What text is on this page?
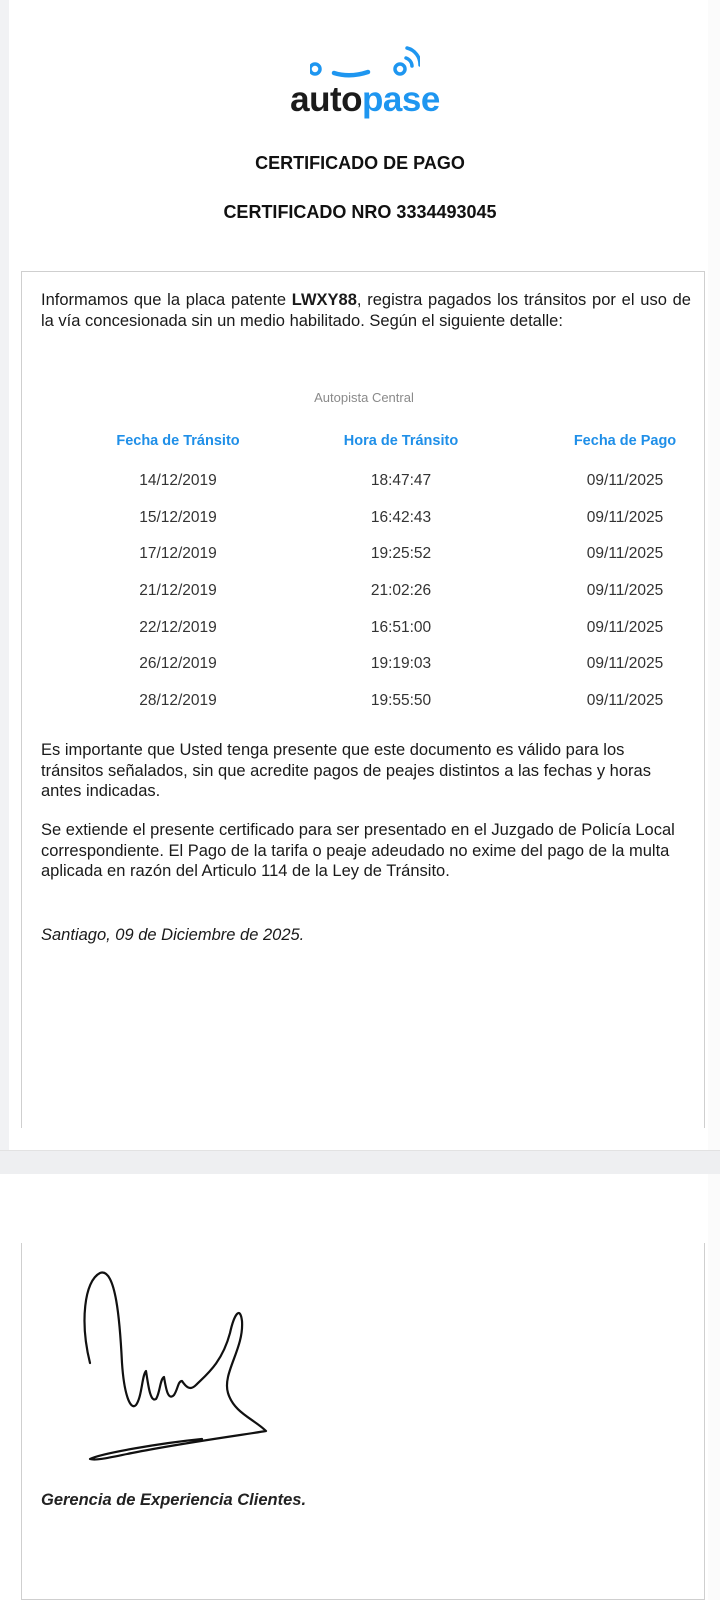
autopase
CERTIFICADO DE PAGO
CERTIFICADO NRO 3334493045
Informamos que la placa patente LWXY88, registra pagados los tránsitos por el uso de la vía concesionada sin un medio habilitado. Según el siguiente detalle:
Autopista Central
Fecha de Tránsito	Hora de Tránsito	Fecha de Pago
14/12/2019	18:47:47	09/11/2025
15/12/2019	16:42:43	09/11/2025
17/12/2019	19:25:52	09/11/2025
21/12/2019	21:02:26	09/11/2025
22/12/2019	16:51:00	09/11/2025
26/12/2019	19:19:03	09/11/2025
28/12/2019	19:55:50	09/11/2025
Es importante que Usted tenga presente que este documento es válido para los tránsitos señalados, sin que acredite pagos de peajes distintos a las fechas y horas antes indicadas.
Se extiende el presente certificado para ser presentado en el Juzgado de Policía Local correspondiente. El Pago de la tarifa o peaje adeudado no exime del pago de la multa aplicada en razón del Articulo 114 de la Ley de Tránsito.
Santiago, 09 de Diciembre de 2025.
Gerencia de Experiencia Clientes.
